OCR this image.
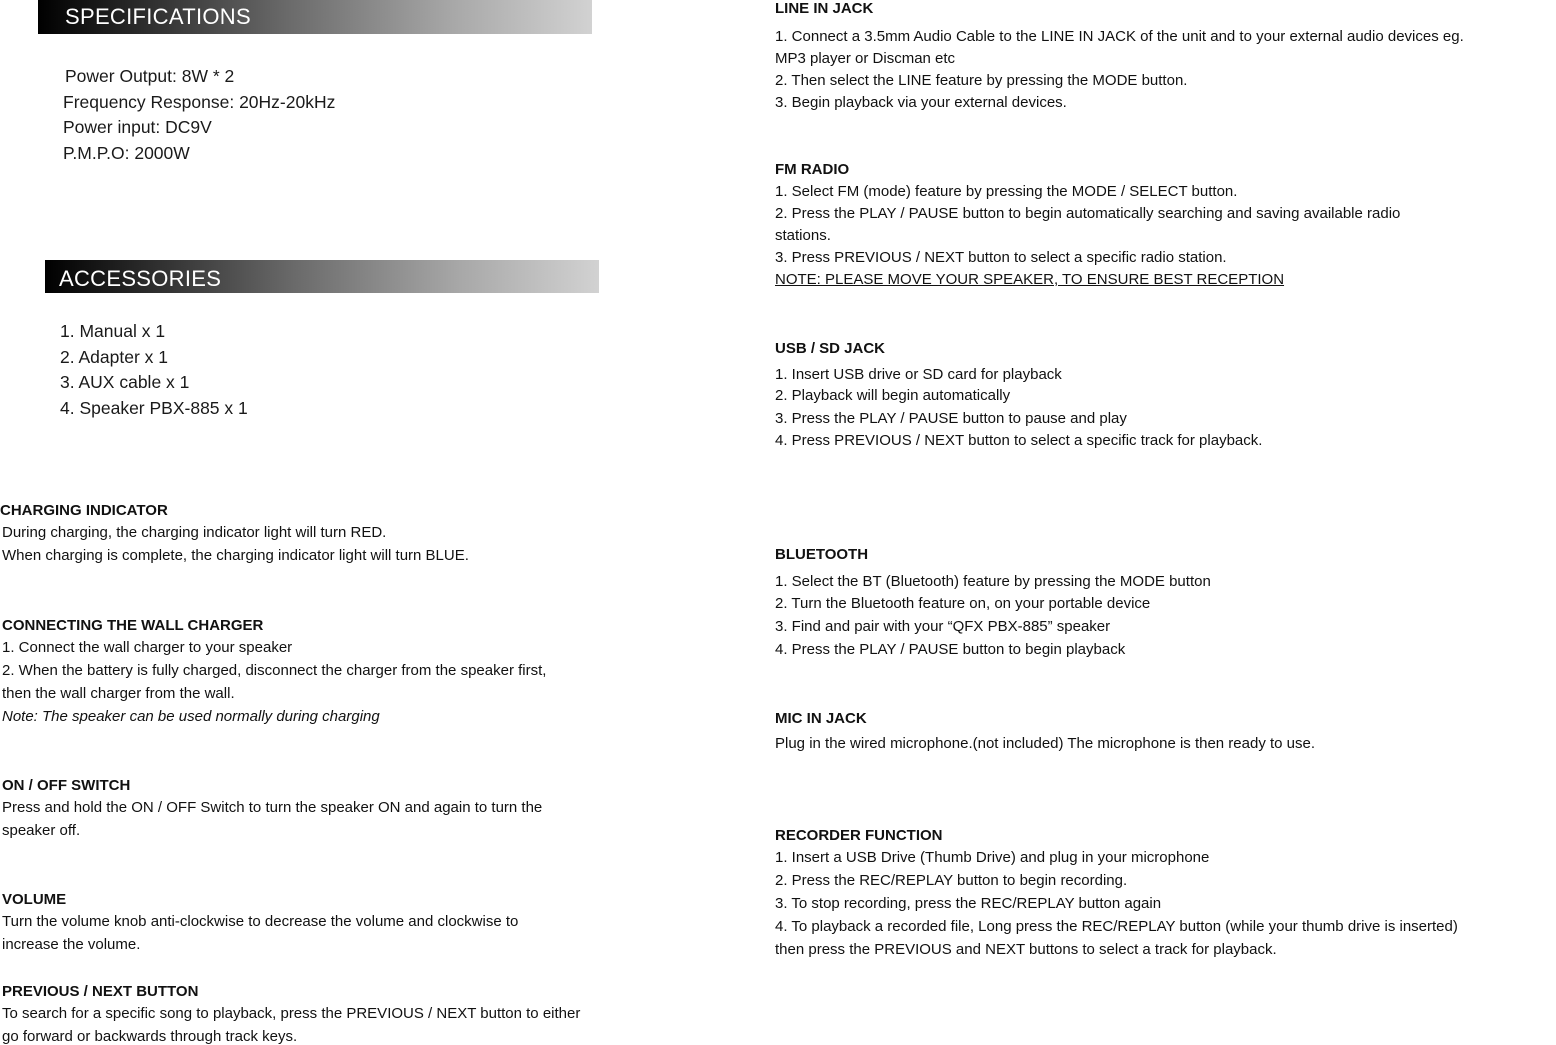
SPECIFICATIONS
Power Output: 8W * 2
Frequency Response: 20Hz-20kHz
Power input: DC9V
P.M.P.O: 2000W
ACCESSORIES
1. Manual x 1
2. Adapter x 1
3. AUX cable x 1
4. Speaker PBX-885 x 1
CHARGING INDICATOR
During charging, the charging indicator light will turn RED.
When charging is complete, the charging indicator light will turn BLUE.
CONNECTING THE WALL CHARGER
1. Connect the wall charger to your speaker
2. When the battery is fully charged, disconnect the charger from the speaker first,
then the wall charger from the wall.
Note: The speaker can be used normally during charging
ON / OFF SWITCH
Press and hold the ON / OFF Switch to turn the speaker ON and again to turn the
speaker off.
VOLUME
Turn the volume knob anti-clockwise to decrease the volume and clockwise to
increase the volume.
PREVIOUS / NEXT BUTTON
To search for a specific song to playback, press the PREVIOUS / NEXT button to either
go forward or backwards through track keys.
LINE IN JACK
1. Connect a 3.5mm Audio Cable to the LINE IN JACK of the unit and to your external audio devices eg.
MP3 player or Discman etc
2. Then select the LINE feature by pressing the MODE button.
3. Begin playback via your external devices.
FM RADIO
1. Select FM (mode) feature by pressing the MODE / SELECT button.
2. Press the PLAY / PAUSE button to begin automatically searching and saving available radio
stations.
3. Press PREVIOUS / NEXT button to select a specific radio station.
NOTE: PLEASE MOVE YOUR SPEAKER, TO ENSURE BEST RECEPTION
USB / SD JACK
1. Insert USB drive or SD card for playback
2. Playback will begin automatically
3. Press the PLAY / PAUSE button to pause and play
4. Press PREVIOUS / NEXT button to select a specific track for playback.
BLUETOOTH
1. Select the BT (Bluetooth) feature by pressing the MODE button
2. Turn the Bluetooth feature on, on your portable device
3. Find and pair with your “QFX PBX-885” speaker
4. Press the PLAY / PAUSE button to begin playback
MIC IN JACK
Plug in the wired microphone.(not included) The microphone is then ready to use.
RECORDER FUNCTION
1. Insert a USB Drive (Thumb Drive) and plug in your microphone
2. Press the REC/REPLAY button to begin recording.
3. To stop recording, press the REC/REPLAY button again
4. To playback a recorded file, Long press the REC/REPLAY button (while your thumb drive is inserted)
then press the PREVIOUS and NEXT buttons to select a track for playback.
